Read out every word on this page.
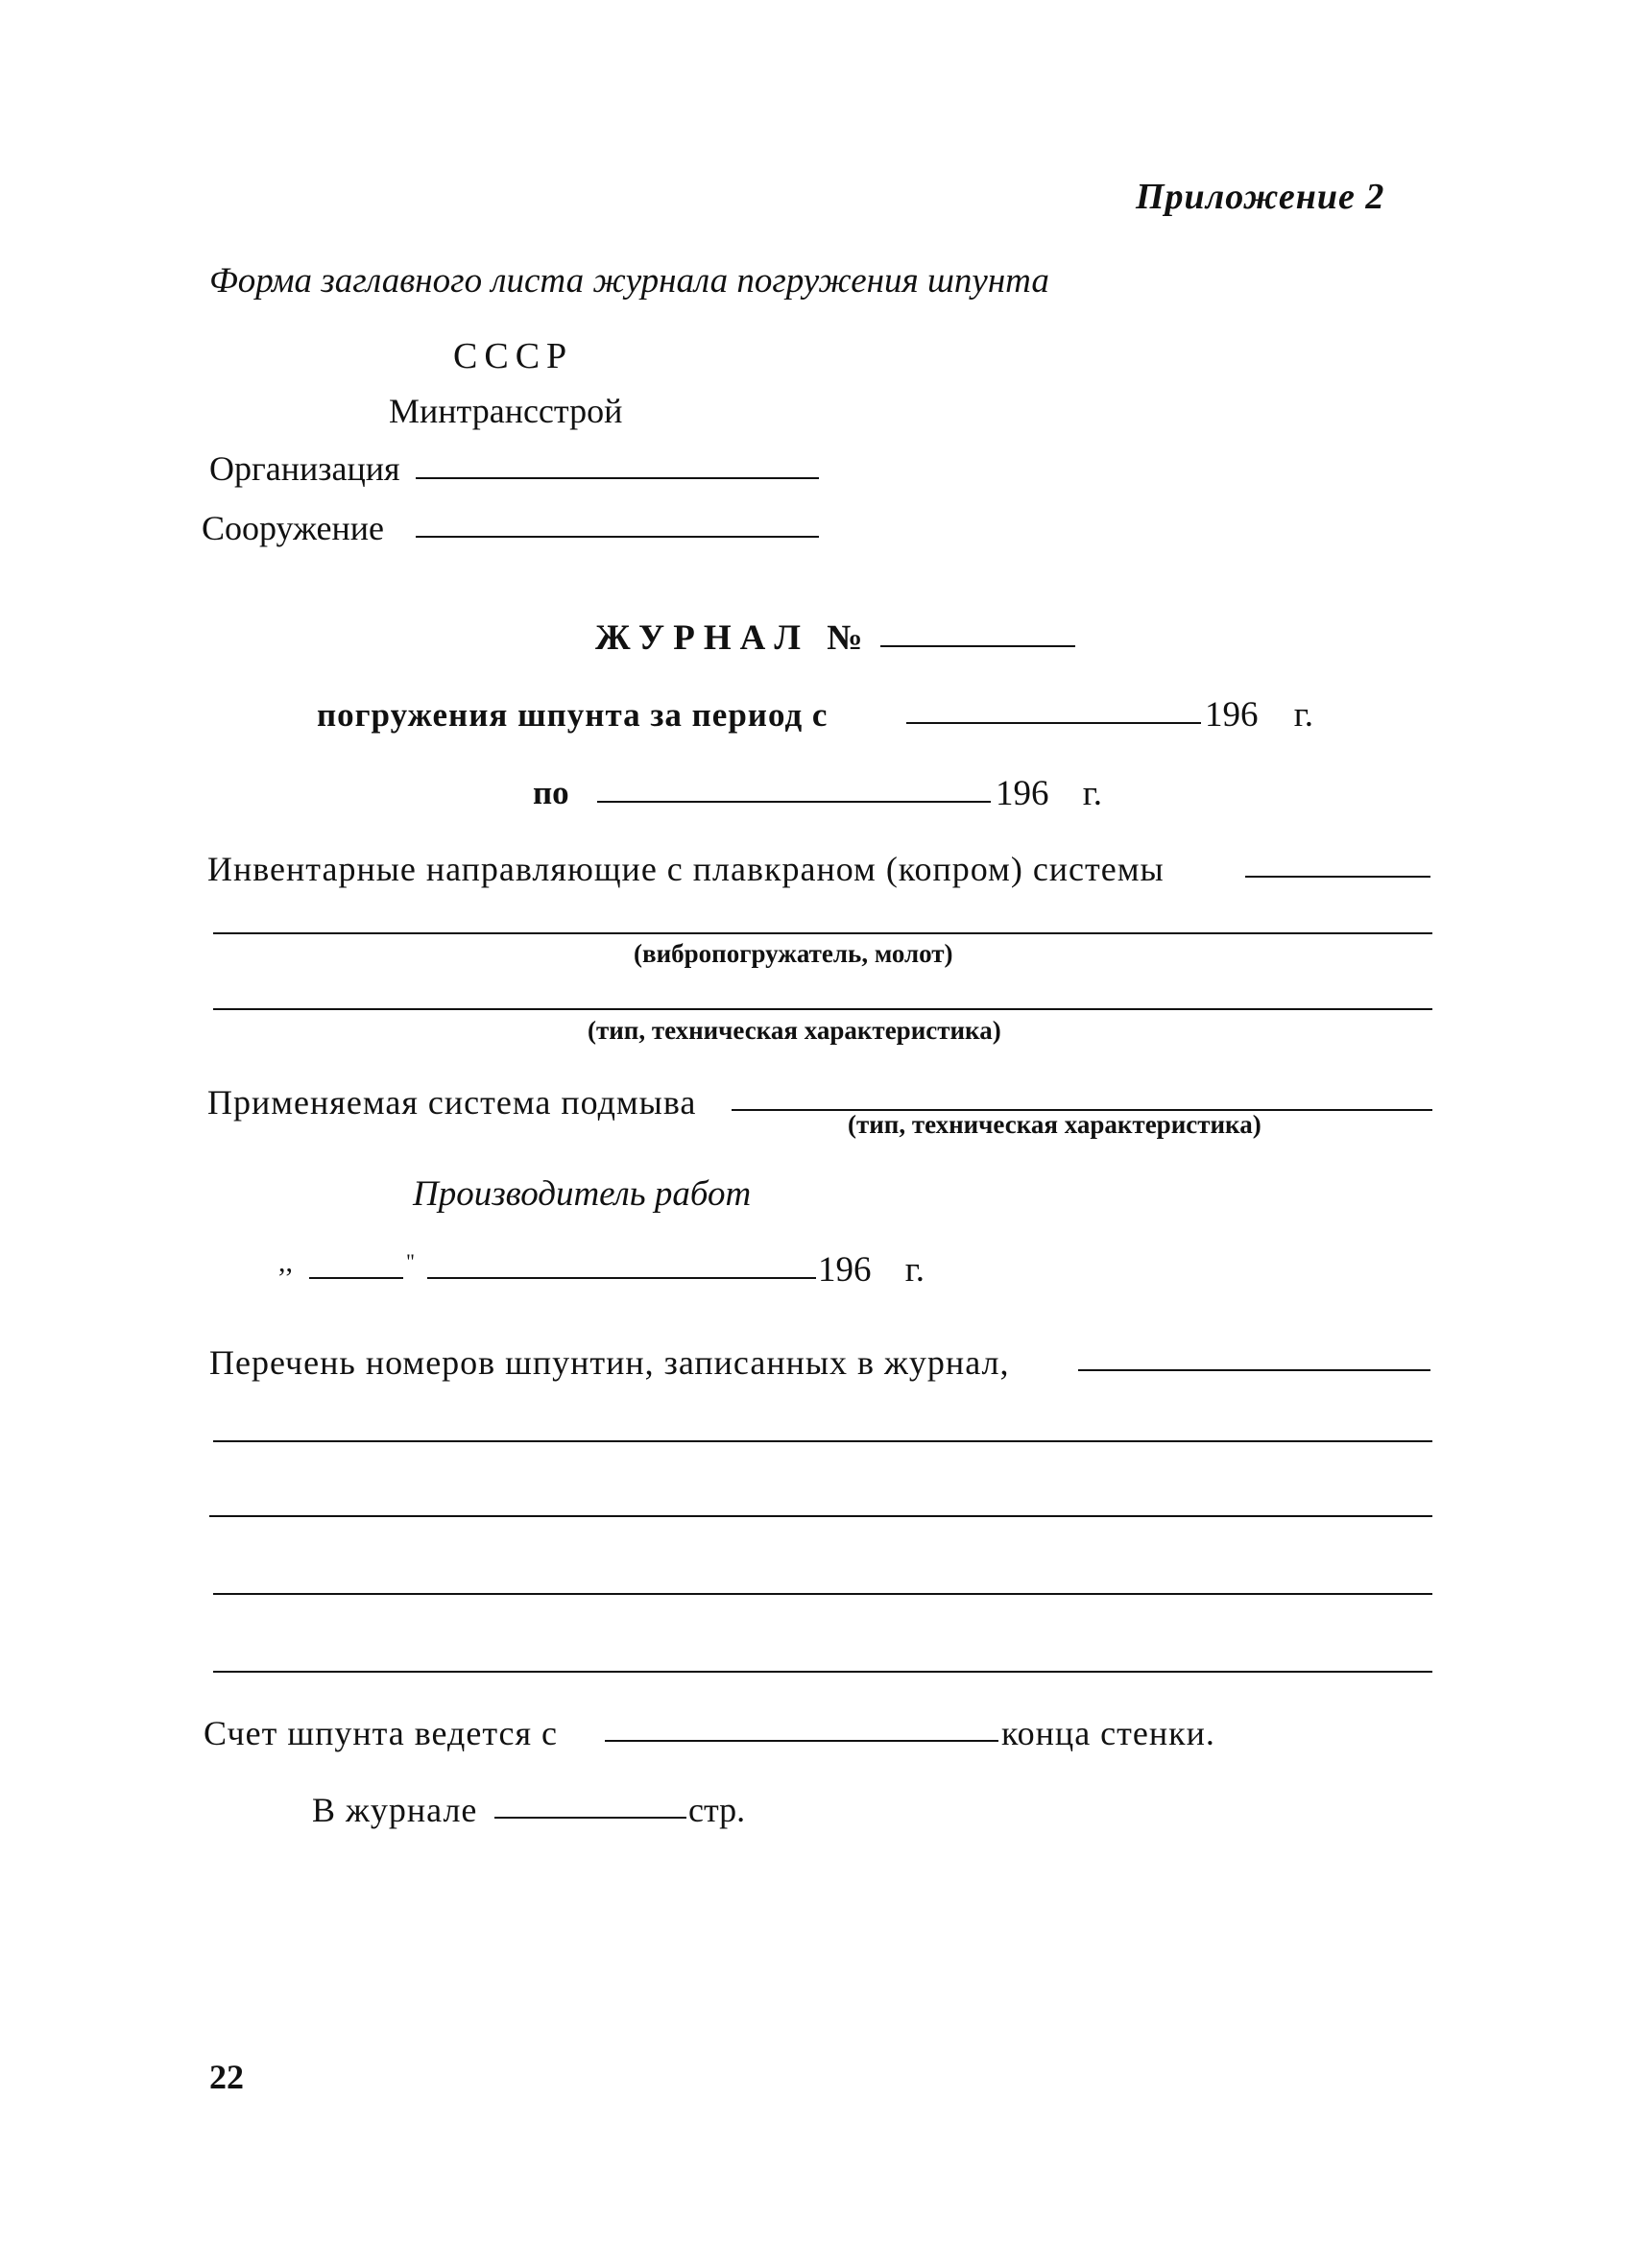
Приложение 2
Форма заглавного листа журнала погружения шпунта
СССР
Минтрансстрой
Организация
Сооружение
ЖУРНАЛ №
погружения шпунта за период с	196 г.
по	196 г.
Инвентарные направляющие с плавкраном (копром) системы
(вибропогружатель, молот)
(тип, техническая характеристика)
Применяемая система подмыва
(тип, техническая характеристика)
Производитель работ
,,	"	196 г.
Перечень номеров шпунтин, записанных в журнал,
Счет шпунта ведется с	конца стенки.
В журнале	стр.
22
